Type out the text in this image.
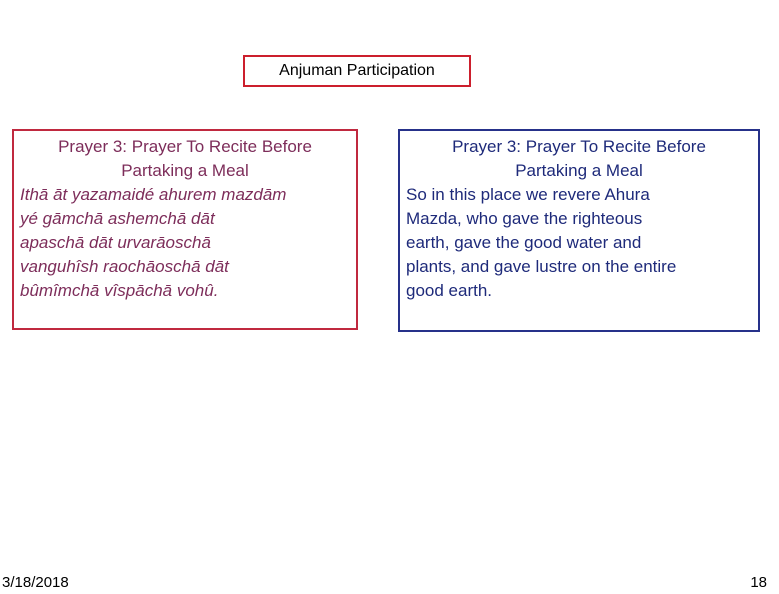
Anjuman Participation
Prayer 3: Prayer To Recite Before
Partaking a Meal
Ithā āt yazamaidé ahurem mazdām
yé gāmchā ashemchā dāt
apaschā dāt urvarāoschā
vanguhîsh raochāoschā dāt
bûmîmchā vîspāchā vohû.
Prayer 3: Prayer To Recite Before
Partaking a Meal
So in this place we revere Ahura
Mazda, who gave the righteous
earth, gave the good water and
plants, and gave lustre on the entire
good earth.
3/18/2018	18
